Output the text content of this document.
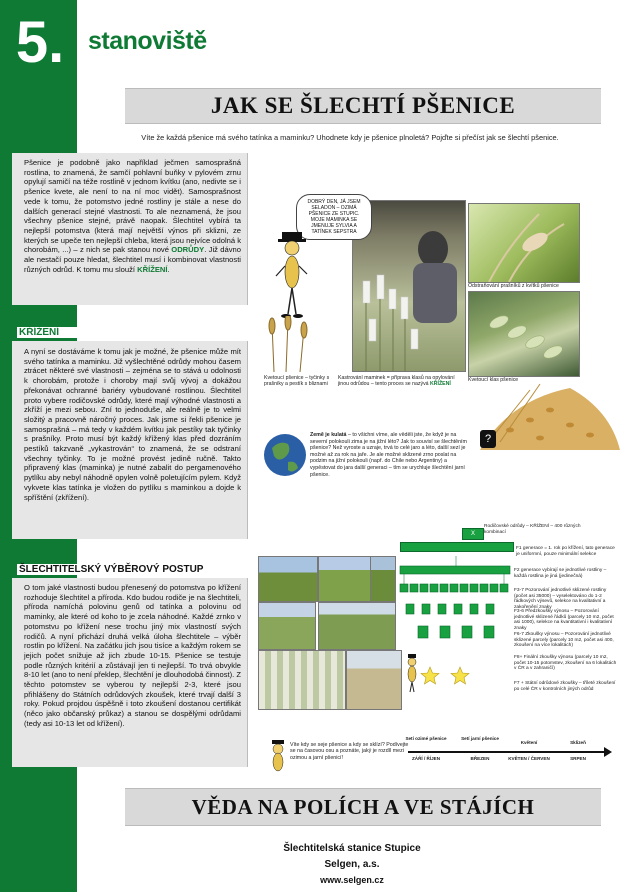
5. stanoviště
JAK SE ŠLECHTÍ PŠENICE
Víte že každá pšenice má svého tatínka a maminku? Uhodnete kdy je pšenice plnoletá? Pojďte si přečíst jak se šlechtí pšenice.
Pšenice je podobně jako například ječmen samosprašná rostlina, to znamená, že samčí pohlavní buňky v pylovém zrnu opylují samičí na téže rostlině v jednom kvítku (ano, nedivte se i pšenice kvete, ale není to na ní moc vidět). Samosprašnost vede k tomu, že potomstvo jedné rostliny je stále a nese do dalších generací stejné vlastnosti. To ale neznamená, že jsou všechny pšenice stejné, právě naopak. Šlechtitel vybírá ta nejlepší potomstva (která mají největší výnos při sklizni, ze kterých se upeče ten nejlepší chleba, která jsou nejvíce odolná k chorobám, ...) – z nich se pak stanou nové ODRŮDY. Již dávno ale nestačí pouze hledat, šlechtitel musí i kombinovat vlastnosti různých odrůd. K tomu mu slouží KŘÍŽENÍ.
KŘÍŽENÍ
A nyní se dostáváme k tomu jak je možné, že pšenice může mít svého tatínka a maminku. Již vyšlechtěné odrůdy mohou časem ztrácet některé své vlastnosti – zejména se to stává u odolnosti k chorobám, protože i choroby mají svůj vývoj a dokážou překonávat ochranné bariéry vybudované rostlinou. Šlechtitel proto vybere rodičovské odrůdy, které mají výhodné vlastnosti a zkříží je mezi sebou. Zní to jednoduše, ale reálně je to velmi složitý a pracovně náročný proces. Jak jsme si řekli pšenice je samosprašná – má tedy v každém kvítku jak pestíky tak tyčinky s prašníky. Proto musí být každý křížený klas před dozráním pestíků takzvaně „vykastrován“ to znamená, že se odstraní všechny tyčinky. To je možné provést jedině ručně. Takto připravený klas (maminka) je nutné zabalit do pergamenového pytlíku aby nebyl náhodně opylen volně poletujícím pylem. Když vykvete klas tatínka je vložen do pytlíku s maminkou a dojde k spříštění (zkřížení).
ŠLECHTITELSKÝ VÝBĚROVÝ POSTUP
O tom jaké vlastnosti budou přenesený do potomstva po křížení rozhoduje šlechtitel a příroda. Kdo budou rodiče je na šlechtiteli, příroda namíchá polovinu genů od tatínka a polovinu od maminky, ale které od koho to je zcela náhodné. Každé zrnko v potomstvu po křížení nese trochu jiný mix vlastností svých rodičů. A nyní přichází druhá velká úloha šlechtitele – výběr rostlin po křížení. Na začátku jich jsou tisíce a každým rokem se jejich počet snižuje až jich zbude 10-15. Pšenice se testuje podle různých kritérií a zůstávají jen ti nejlepší. To trvá obvykle 8-10 let (ano to není překlep, šlechtění je dlouhodobá činnost). Z těchto potomstev se vyberou ty nejlepší 2-3, které jsou přihlášeny do Státních odrůdových zkoušek, které trvají další 3 roky. Pokud projdou úspěšně i toto zkoušení dostanou certifikát (něco jako občanský průkaz) a stanou se dospělými odrůdami (tedy asi 10-13 let od křížení).
DOBRÝ DEN, JÁ JSEM SELADON – OZIMÁ PŠENICE ZE STUPIC. MOJE MAMINKA SE JMENUJE SYLVIA A TATÍNEK SEPSTRA
Kvetoucí pšenice – tyčinky s prašníky a pestík s bliznami
Kastrování maminek = příprava klasů na opylování jinou odrůdou – tento proces se nazývá KŘÍŽENÍ
Odstraňování prašníků z kvítků pšenice
Kvetoucí klas pšenice
Země je kulatá – to všichni víme, ale věděli jste, že když je na severní polokouli zima je na jižní léto? Jak to souvisí se šlechtěním pšenice? Než vyroste a uzraje, trvá to celé jaro a léto, další sezí je možné až za rok na jaře. Je ale možné sklizené zrno poslat na podzim na jižní polokouli (např. do Chile nebo Argentiny) a vypěstovat do jara další generaci – tím se urychluje šlechtění jarní pšenice.
?
X
Rodičovské odrůdy – KŘÍŽENÍ – 400 různých kombinací
F1 generace = 1. rok po křížení, tato generace je uniformní, pouze minimální selekce
F2 generace vybírají se jednotlivé rostliny – každá rostlina je jiná (jedinečná)
F3-7 Pozorování jednotlivé sklizené rostliny (počet asi 35000) – vyselektováno do 1-2 řádkových výsevů, selekce na kvalitativní a zakořenění znaky
F3-6 Předzkoušky výnosu – Pozorování jednotlivé sklizené řádků (parcely 10 m2, počet asi 1000), selekce na kvantitativní i kvalitativní znaky
F6-7 Zkoušky výnosu – Pozorování jednotlivé sklizené parcely (parcely 10 m2, počet asi 400, zkoušení na více lokalitách)
F8+ Finální zkoušky výnosu (parcely 10 m2, počet 10-15 potomstev, zkoušení na 6 lokalitách v ČR a v zahraničí)
F7 + Státní odrůdové zkoušky – tříleté zkoušení po celé ČR v kontrolních jiných odrůd
Víte kdy se seje pšenice a kdy se sklízí? Podívejte se na časovou osu a poznáte, jaký je rozdíl mezi ozimou a jarní pšenicí!
Setí ozimé pšenice
ZÁŘÍ / ŘÍJEN
Setí jarní pšenice
BŘEZEN
Květení
KVĚTEN / ČERVEN
Sklizeň
SRPEN
VĚDA NA POLÍCH A VE STÁJÍCH
Šlechtitelská stanice Stupice
Selgen, a.s.
www.selgen.cz
